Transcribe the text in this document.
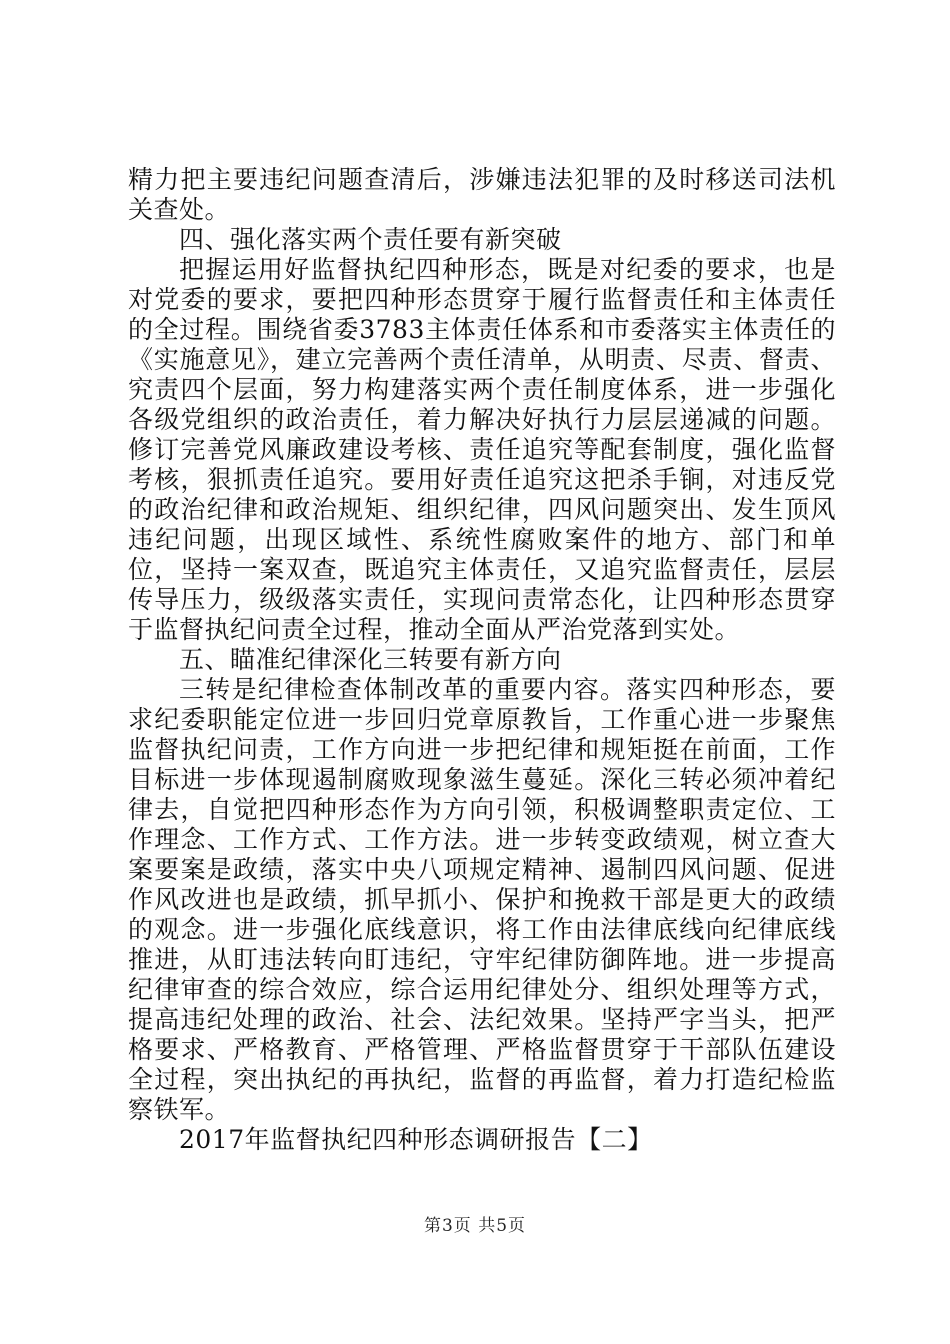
精力把主要违纪问题查清后，涉嫌违法犯罪的及时移送司法机关查处。

四、强化落实两个责任要有新突破

把握运用好监督执纪四种形态，既是对纪委的要求，也是对党委的要求，要把四种形态贯穿于履行监督责任和主体责任的全过程。围绕省委3783主体责任体系和市委落实主体责任的《实施意见》，建立完善两个责任清单，从明责、尽责、督责、究责四个层面，努力构建落实两个责任制度体系，进一步强化各级党组织的政治责任，着力解决好执行力层层递减的问题。修订完善党风廉政建设考核、责任追究等配套制度，强化监督考核，狠抓责任追究。要用好责任追究这把杀手锏，对违反党的政治纪律和政治规矩、组织纪律，四风问题突出、发生顶风违纪问题，出现区域性、系统性腐败案件的地方、部门和单位，坚持一案双查，既追究主体责任，又追究监督责任，层层传导压力，级级落实责任，实现问责常态化，让四种形态贯穿于监督执纪问责全过程，推动全面从严治党落到实处。

五、瞄准纪律深化三转要有新方向

三转是纪律检查体制改革的重要内容。落实四种形态，要求纪委职能定位进一步回归党章原教旨，工作重心进一步聚焦监督执纪问责，工作方向进一步把纪律和规矩挺在前面，工作目标进一步体现遏制腐败现象滋生蔓延。深化三转必须冲着纪律去，自觉把四种形态作为方向引领，积极调整职责定位、工作理念、工作方式、工作方法。进一步转变政绩观，树立查大案要案是政绩，落实中央八项规定精神、遏制四风问题、促进作风改进也是政绩，抓早抓小、保护和挽救干部是更大的政绩的观念。进一步强化底线意识，将工作由法律底线向纪律底线推进，从盯违法转向盯违纪，守牢纪律防御阵地。进一步提高纪律审查的综合效应，综合运用纪律处分、组织处理等方式，提高违纪处理的政治、社会、法纪效果。坚持严字当头，把严格要求、严格教育、严格管理、严格监督贯穿于干部队伍建设全过程，突出执纪的再执纪，监督的再监督，着力打造纪检监察铁军。

2017年监督执纪四种形态调研报告【二】

第3页 共5页
